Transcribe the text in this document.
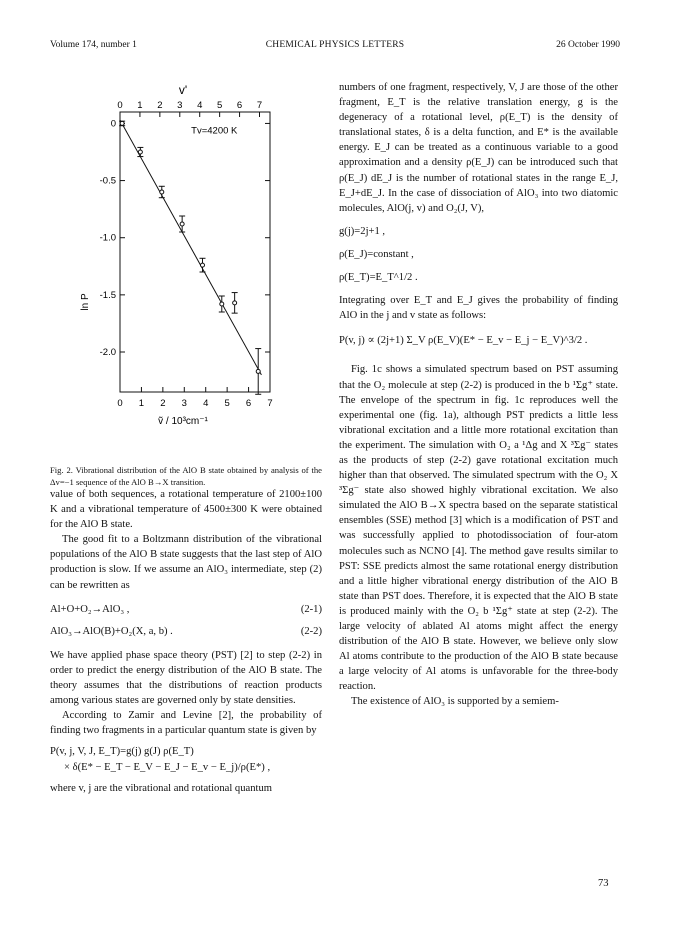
Volume 174, number 1	CHEMICAL PHYSICS LETTERS	26 October 1990
v'
0 1 2 3 4 5 6 7
0 1 2 3 4 5 6 7
0
-0.5
-1.0
-1.5
-2.0
Tv=4200 K
ṽ / 10³cm⁻¹
ln P
Fig. 2. Vibrational distribution of the AlO B state obtained by analysis of the Δv=−1 sequence of the AlO B→X transition.

value of both sequences, a rotational temperature of 2100±100 K and a vibrational temperature of 4500±300 K were obtained for the AlO B state.

The good fit to a Boltzmann distribution of the vibrational populations of the AlO B state suggests that the last step of AlO production is slow. If we assume an AlO₃ intermediate, step (2) can be rewritten as

Al+O+O₂→AlO₃ ,	(2-1)
AlO₃→AlO(B)+O₂(X, a, b) .	(2-2)

We have applied phase space theory (PST) [2] to step (2-2) in order to predict the energy distribution of the AlO B state. The theory assumes that the distributions of reaction products among various states are governed only by state densities.

According to Zamir and Levine [2], the probability of finding two fragments in a particular quantum state is given by

P(v, j, V, J, E_T)=g(j) g(J) ρ(E_T)
× δ(E* − E_T − E_V − E_J − E_v − E_j)/ρ(E*) ,

where v, j are the vibrational and rotational quantum

numbers of one fragment, respectively, V, J are those of the other fragment, E_T is the relative translation energy, g is the degeneracy of a rotational level, ρ(E_T) is the density of translational states, δ is a delta function, and E* is the available energy. E_J can be treated as a continuous variable to a good approximation and a density ρ(E_J) can be introduced such that ρ(E_J) dE_J is the number of rotational states in the range E_J, E_J+dE_J. In the case of dissociation of AlO₃ into two diatomic molecules, AlO(j, v) and O₂(J, V),

g(j)=2j+1 ,
ρ(E_J)=constant ,
ρ(E_T)=E_T^1/2 .

Integrating over E_T and E_J gives the probability of finding AlO in the j and v state as follows:

P(v, j) ∝ (2j+1) Σ_V ρ(E_V)(E* − E_v − E_j − E_V)^3/2 .

Fig. 1c shows a simulated spectrum based on PST assuming that the O₂ molecule at step (2-2) is produced in the b ¹Σg⁺ state. The envelope of the spectrum in fig. 1c reproduces well the experimental one (fig. 1a), although PST predicts a little less vibrational excitation and a little more rotational excitation than the experiment. The simulation with O₂ a ¹Δg and X ³Σg⁻ states as the products of step (2-2) gave rotational excitation much higher than that observed. The simulated spectrum with the O₂ X ³Σg⁻ state also showed highly vibrational excitation. We also simulated the AlO B→X spectra based on the separate statistical ensembles (SSE) method [3] which is a modification of PST and was successfully applied to photodissociation of four-atom molecules such as NCNO [4]. The method gave results similar to PST: SSE predicts almost the same rotational energy distribution and a little higher vibrational energy distribution of the AlO B state than PST does. Therefore, it is expected that the AlO B state is produced mainly with the O₂ b ¹Σg⁺ state at step (2-2). The large velocity of ablated Al atoms might affect the energy distribution of the AlO B state. However, we believe only slow Al atoms contribute to the production of the AlO B state because a large velocity of Al atoms is unfavorable for the three-body reaction.

The existence of AlO₃ is supported by a semiem-

73
